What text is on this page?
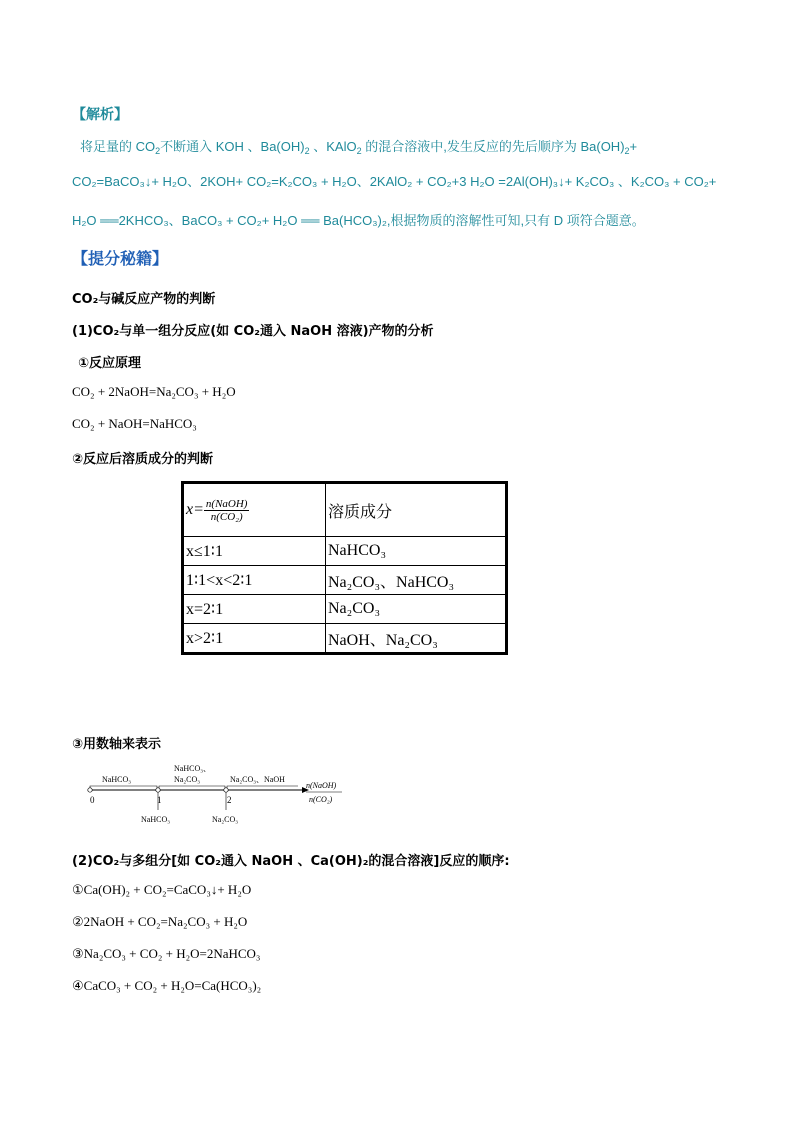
【解析】
将足量的 $CO_2$不断通入 KOH 、$Ba(OH)_2$ 、KAlO$_2$ 的混合溶液中,发生反应的先后顺序为 $Ba(OH)_2+$
CO₂=BaCO₃↓+ H₂O、2KOH+ CO₂=K₂CO₃ + H₂O、2KAlO₂ + CO₂+3 H₂O =2Al(OH)₃↓+ K₂CO₃ 、K₂CO₃ + CO₂+
H₂O ══2KHCO₃、BaCO₃ + CO₂+ H₂O ══ Ba(HCO₃)₂,根据物质的溶解性可知,只有 D 项符合题意。
【提分秘籍】
CO₂与碱反应产物的判断
(1)CO₂与单一组分反应(如 CO₂通入 NaOH 溶液)产物的分析
①反应原理
CO₂ + 2NaOH=Na₂CO₃ + H₂O
CO₂ + NaOH=NaHCO₃
②反应后溶质成分的判断
$x= \frac{\text{n(NaOH)}}{\text{n(CO₂)}}$	溶质成分
x≤1∶1	NaHCO₃
1∶1<x<2∶1	Na₂CO₃、NaHCO₃
x=2∶1	Na₂CO₃
x>2∶1	NaOH、Na₂CO₃
③用数轴来表示
NaHCO₃
NaHCO₃、
Na₂CO₃	Na₂CO₃、NaOH
0	1	2
NaHCO₃	Na₂CO₃
n(NaOH)
n(CO₂)
(2)CO₂与多组分[如 CO₂通入 NaOH 、Ca(OH)₂的混合溶液]反应的顺序:
①Ca(OH)₂ + CO₂=CaCO₃↓+ H₂O
②2NaOH + CO₂=Na₂CO₃ + H₂O
③Na₂CO₃ + CO₂ + H₂O=2NaHCO₃
④CaCO₃ + CO₂ + H₂O=Ca(HCO₃)₂
